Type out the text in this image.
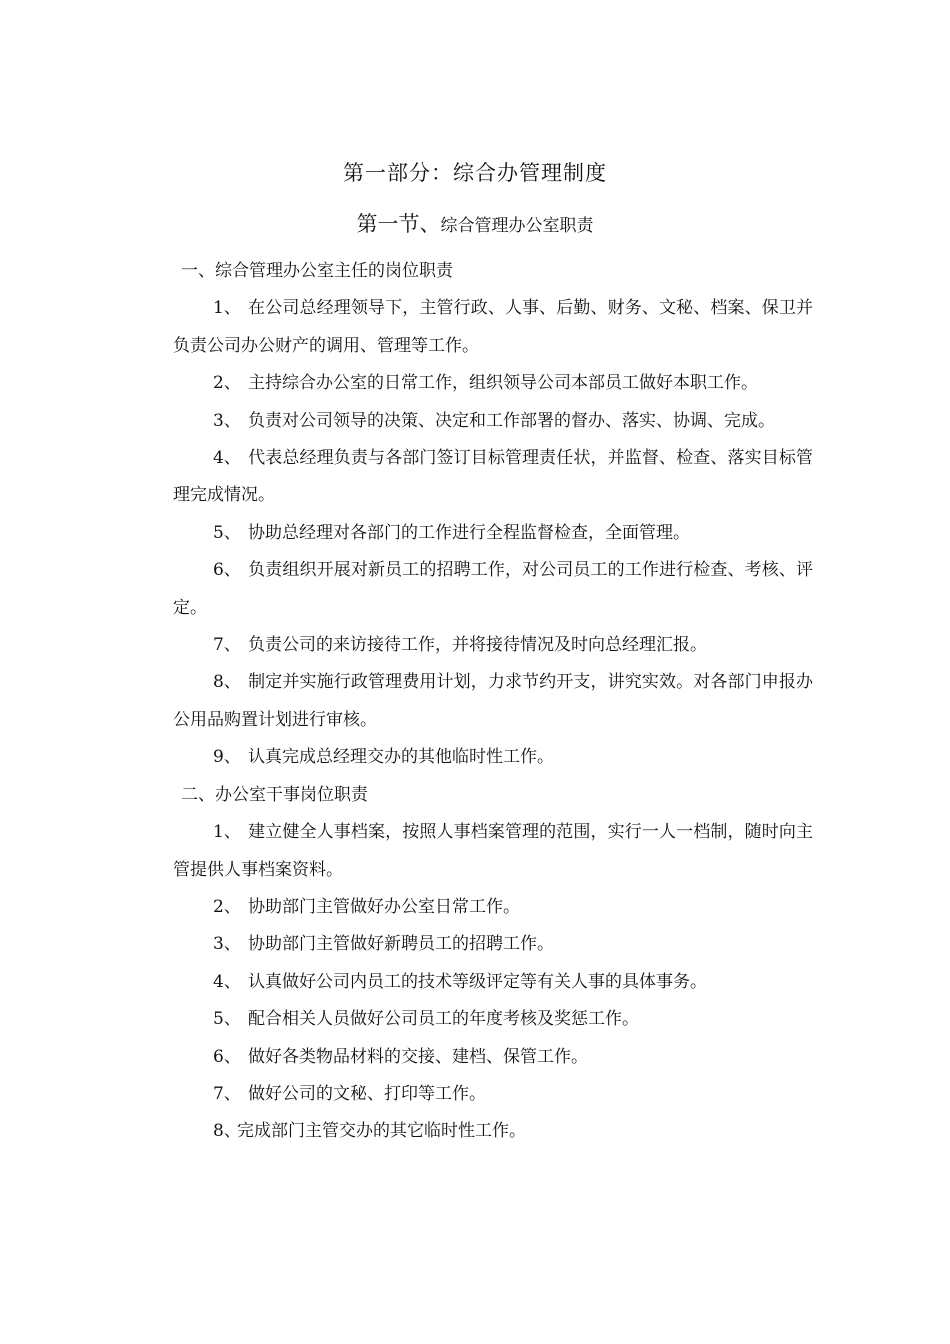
第一部分：综合办管理制度
第一节、综合管理办公室职责

一、综合管理办公室主任的岗位职责

1、 在公司总经理领导下，主管行政、人事、后勤、财务、文秘、档案、保卫并负责公司办公财产的调用、管理等工作。

2、 主持综合办公室的日常工作，组织领导公司本部员工做好本职工作。

3、 负责对公司领导的决策、决定和工作部署的督办、落实、协调、完成。

4、 代表总经理负责与各部门签订目标管理责任状，并监督、检查、落实目标管理完成情况。

5、 协助总经理对各部门的工作进行全程监督检查，全面管理。

6、 负责组织开展对新员工的招聘工作，对公司员工的工作进行检查、考核、评定。

7、 负责公司的来访接待工作，并将接待情况及时向总经理汇报。

8、 制定并实施行政管理费用计划，力求节约开支，讲究实效。对各部门申报办公用品购置计划进行审核。

9、 认真完成总经理交办的其他临时性工作。

二、办公室干事岗位职责

1、 建立健全人事档案，按照人事档案管理的范围，实行一人一档制，随时向主管提供人事档案资料。

2、 协助部门主管做好办公室日常工作。

3、 协助部门主管做好新聘员工的招聘工作。

4、 认真做好公司内员工的技术等级评定等有关人事的具体事务。

5、 配合相关人员做好公司员工的年度考核及奖惩工作。

6、 做好各类物品材料的交接、建档、保管工作。

7、 做好公司的文秘、打印等工作。

8、完成部门主管交办的其它临时性工作。
